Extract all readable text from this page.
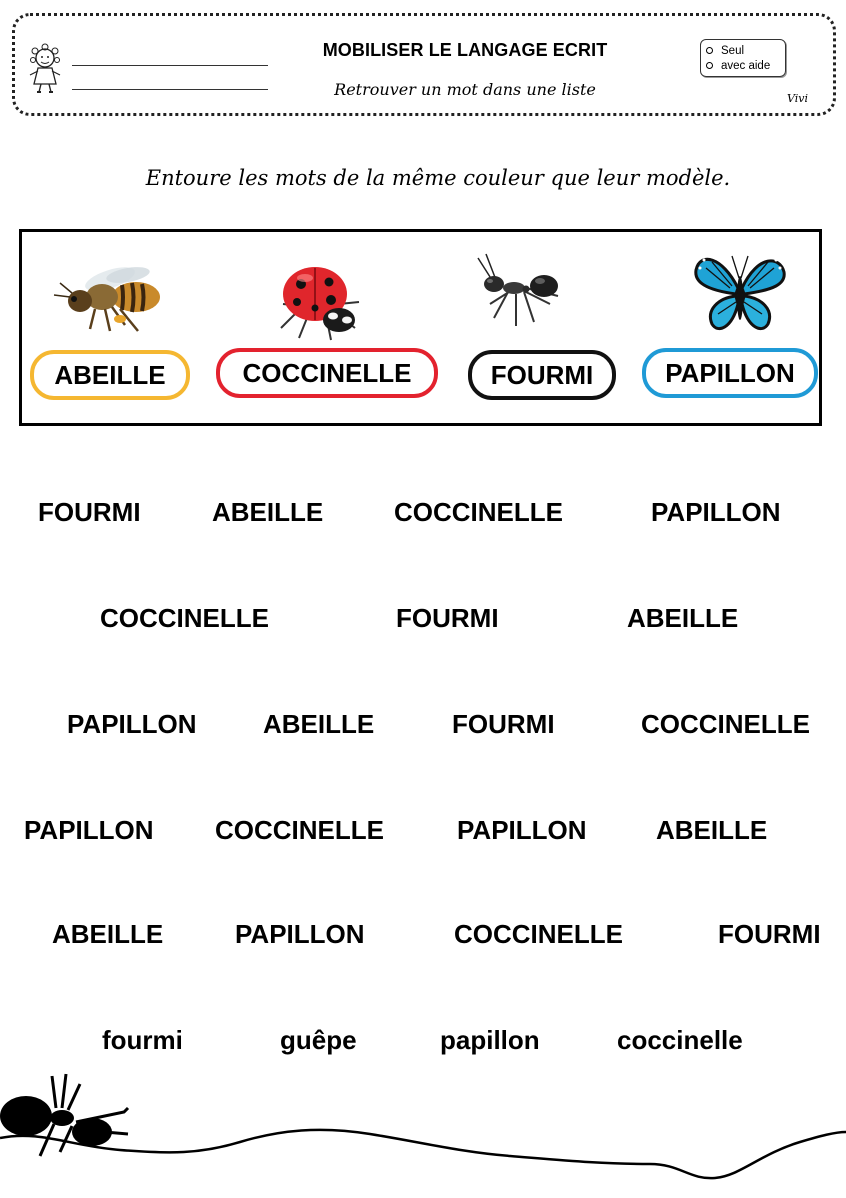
MOBILISER LE LANGAGE ECRIT
Retrouver un mot dans une liste
Seul
avec aide
Vivi
Entoure les mots de la même couleur que leur modèle.
ABEILLE	COCCINELLE	FOURMI	PAPILLON
FOURMI	ABEILLE	COCCINELLE	PAPILLON
COCCINELLE	FOURMI	ABEILLE
PAPILLON	ABEILLE	FOURMI	COCCINELLE
PAPILLON COCCINELLE	PAPILLON	ABEILLE
ABEILLE	PAPILLON	COCCINELLE	FOURMI
fourmi	guêpe	papillon	coccinelle
